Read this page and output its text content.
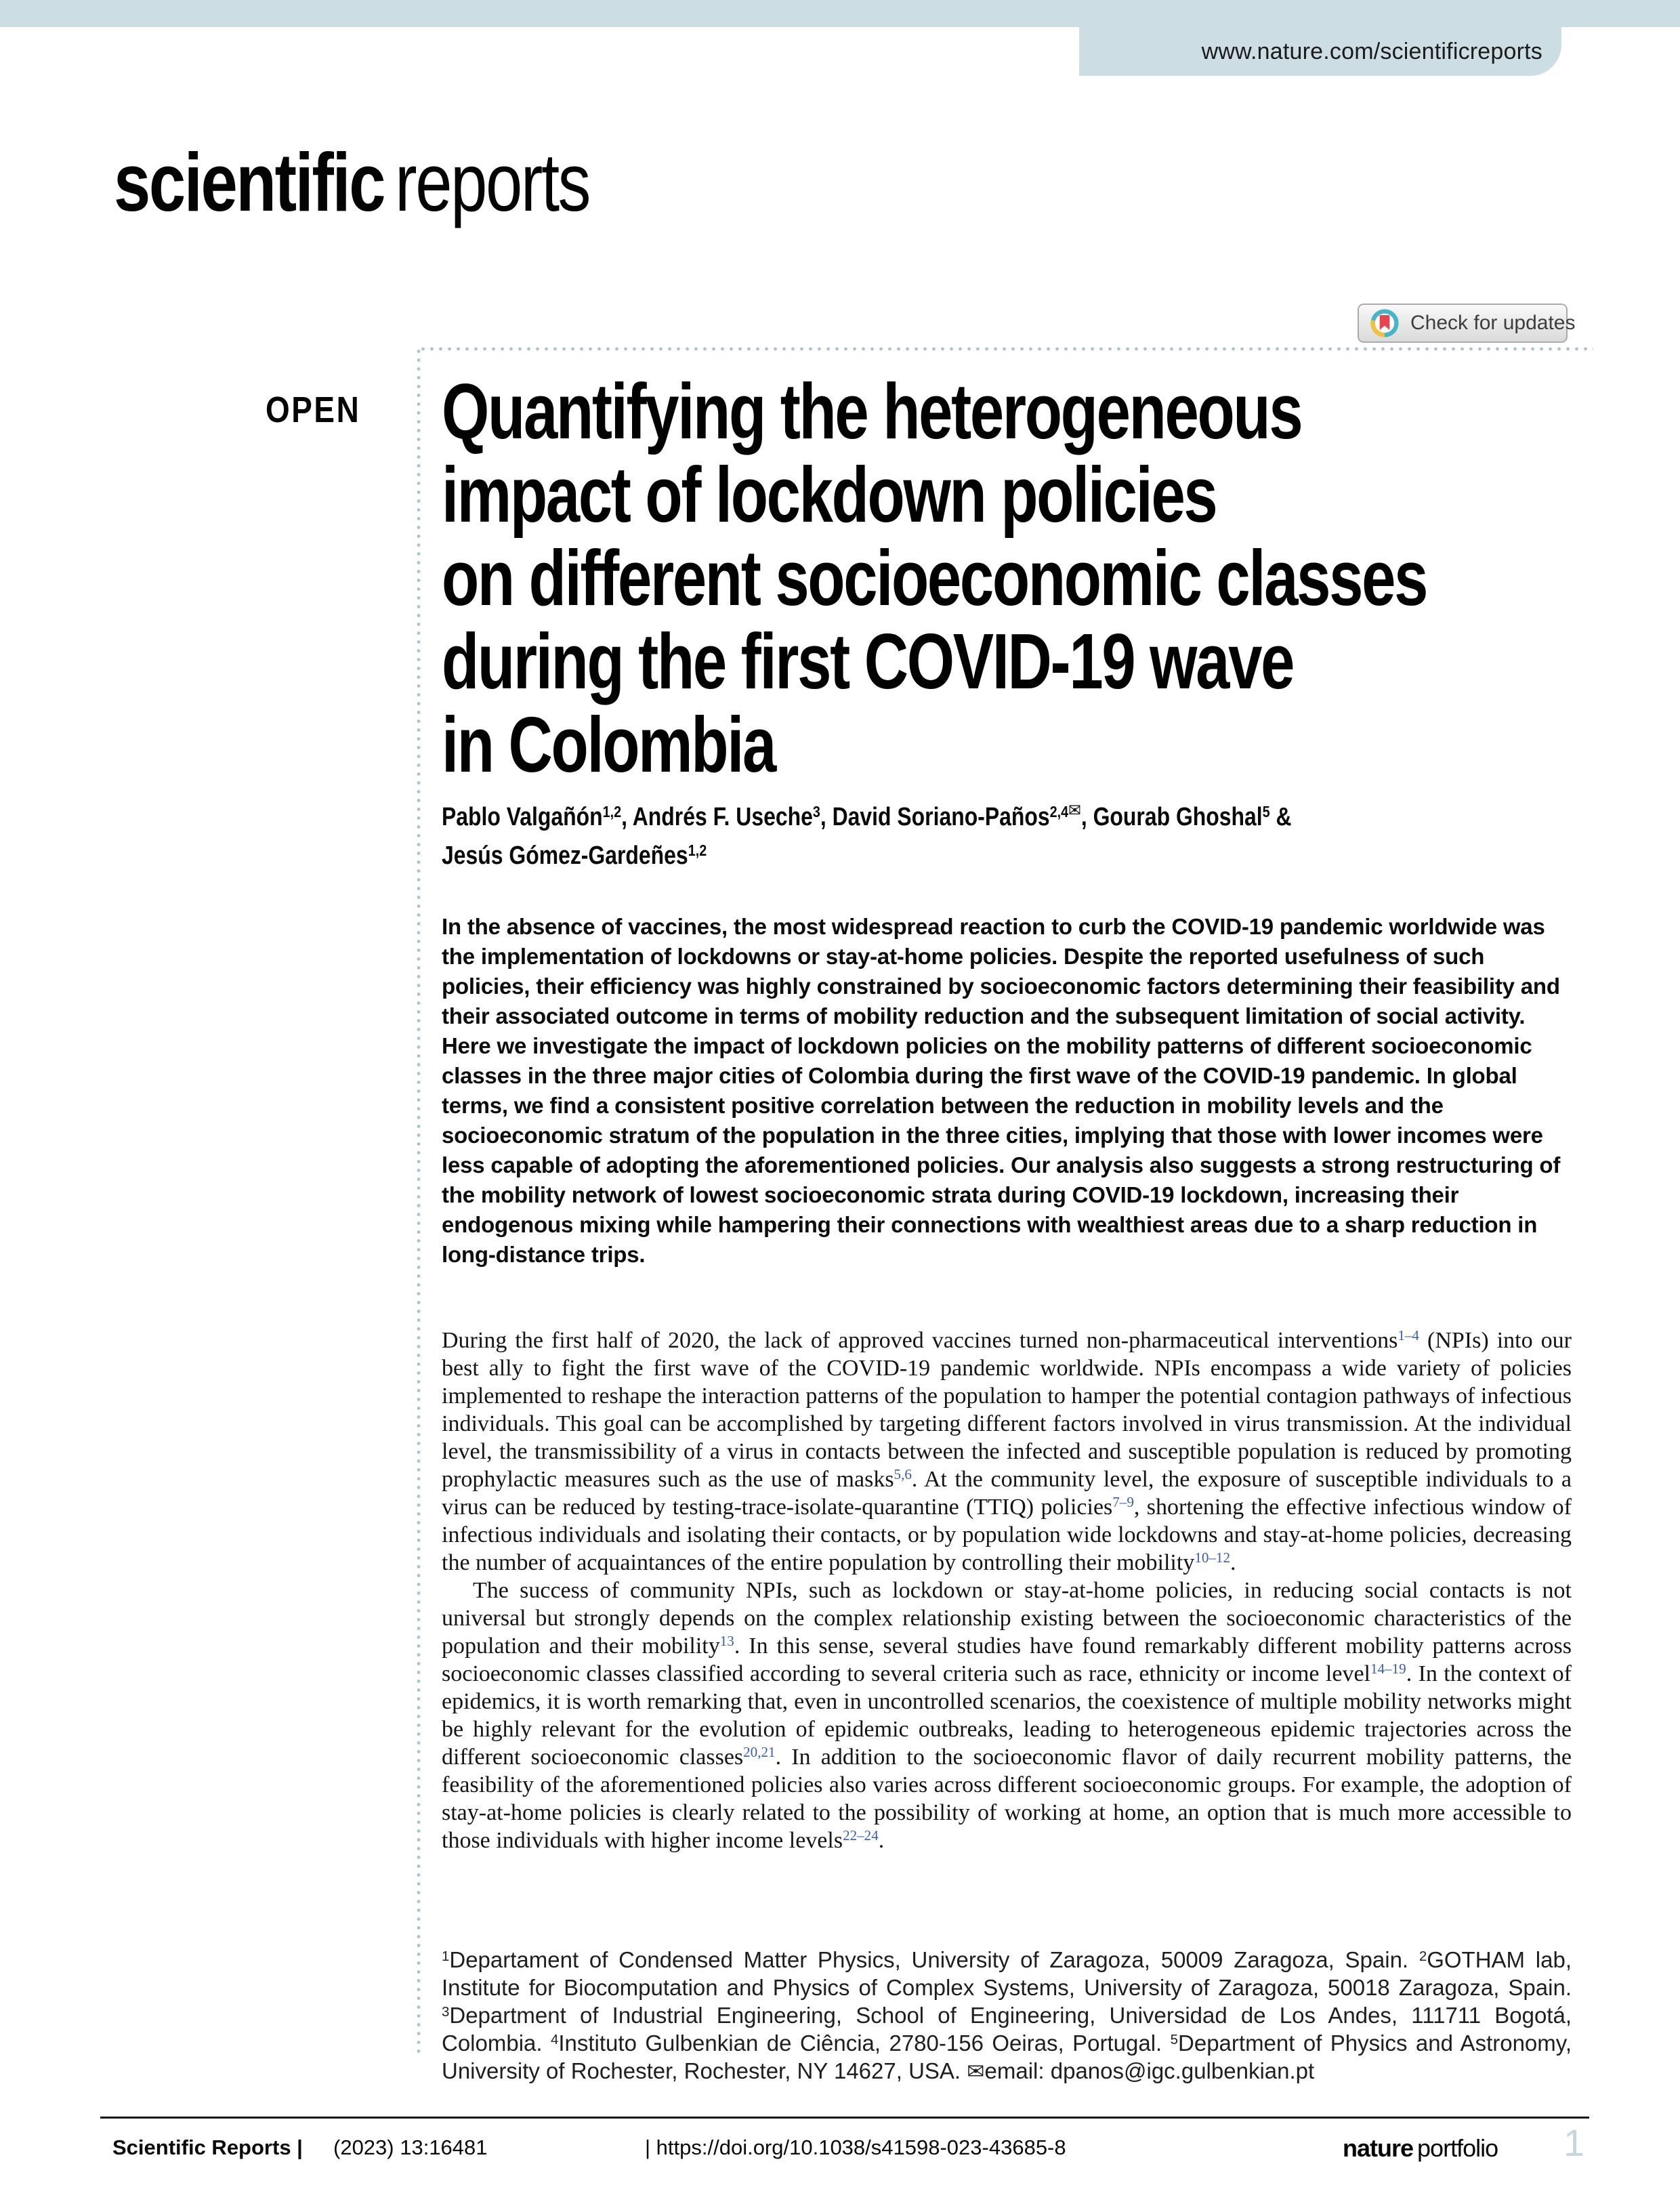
www.nature.com/scientificreports
scientific reports
Check for updates
OPEN Quantifying the heterogeneous
impact of lockdown policies
on different socioeconomic classes
during the first COVID-19 wave
in Colombia
Pablo Valgañón$^{1,2}$, Andrés F. Useche$^3$, David Soriano-Paños$^{2,4✉}$, Gourab Ghoshal$^5$ &
Jesús Gómez-Gardeñes$^{1,2}$
In the absence of vaccines, the most widespread reaction to curb the COVID-19 pandemic worldwide was the implementation of lockdowns or stay-at-home policies. Despite the reported usefulness of such policies, their efficiency was highly constrained by socioeconomic factors determining their feasibility and their associated outcome in terms of mobility reduction and the subsequent limitation of social activity. Here we investigate the impact of lockdown policies on the mobility patterns of different socioeconomic classes in the three major cities of Colombia during the first wave of the COVID-19 pandemic. In global terms, we find a consistent positive correlation between the reduction in mobility levels and the socioeconomic stratum of the population in the three cities, implying that those with lower incomes were less capable of adopting the aforementioned policies. Our analysis also suggests a strong restructuring of the mobility network of lowest socioeconomic strata during COVID-19 lockdown, increasing their endogenous mixing while hampering their connections with wealthiest areas due to a sharp reduction in long-distance trips.

During the first half of 2020, the lack of approved vaccines turned non-pharmaceutical interventions$^{1-4}$ (NPIs) into our best ally to fight the first wave of the COVID-19 pandemic worldwide. NPIs encompass a wide variety of policies implemented to reshape the interaction patterns of the population to hamper the potential contagion pathways of infectious individuals. This goal can be accomplished by targeting different factors involved in virus transmission. At the individual level, the transmissibility of a virus in contacts between the infected and susceptible population is reduced by promoting prophylactic measures such as the use of masks$^{5,6}$. At the community level, the exposure of susceptible individuals to a virus can be reduced by testing-trace-isolate-quarantine (TTIQ) policies$^{7-9}$, shortening the effective infectious window of infectious individuals and isolating their contacts, or by population wide lockdowns and stay-at-home policies, decreasing the number of acquaintances of the entire population by controlling their mobility$^{10-12}$.

The success of community NPIs, such as lockdown or stay-at-home policies, in reducing social contacts is not universal but strongly depends on the complex relationship existing between the socioeconomic characteristics of the population and their mobility$^{13}$. In this sense, several studies have found remarkably different mobility patterns across socioeconomic classes classified according to several criteria such as race, ethnicity or income level$^{14-19}$. In the context of epidemics, it is worth remarking that, even in uncontrolled scenarios, the coexistence of multiple mobility networks might be highly relevant for the evolution of epidemic outbreaks, leading to heterogeneous epidemic trajectories across the different socioeconomic classes$^{20,21}$. In addition to the socioeconomic flavor of daily recurrent mobility patterns, the feasibility of the aforementioned policies also varies across different socioeconomic groups. For example, the adoption of stay-at-home policies is clearly related to the possibility of working at home, an option that is much more accessible to those individuals with higher income levels$^{22-24}$.

$^1$Departament of Condensed Matter Physics, University of Zaragoza, 50009 Zaragoza, Spain. $^2$GOTHAM lab, Institute for Biocomputation and Physics of Complex Systems, University of Zaragoza, 50018 Zaragoza, Spain. $^3$Department of Industrial Engineering, School of Engineering, Universidad de Los Andes, 111711 Bogotá, Colombia. $^4$Instituto Gulbenkian de Ciência, 2780-156 Oeiras, Portugal. $^5$Department of Physics and Astronomy, University of Rochester, Rochester, NY 14627, USA. ✉email: dpanos@igc.gulbenkian.pt
Scientific Reports | (2023) 13:16481	| https://doi.org/10.1038/s41598-023-43685-8	nature portfolio 1
